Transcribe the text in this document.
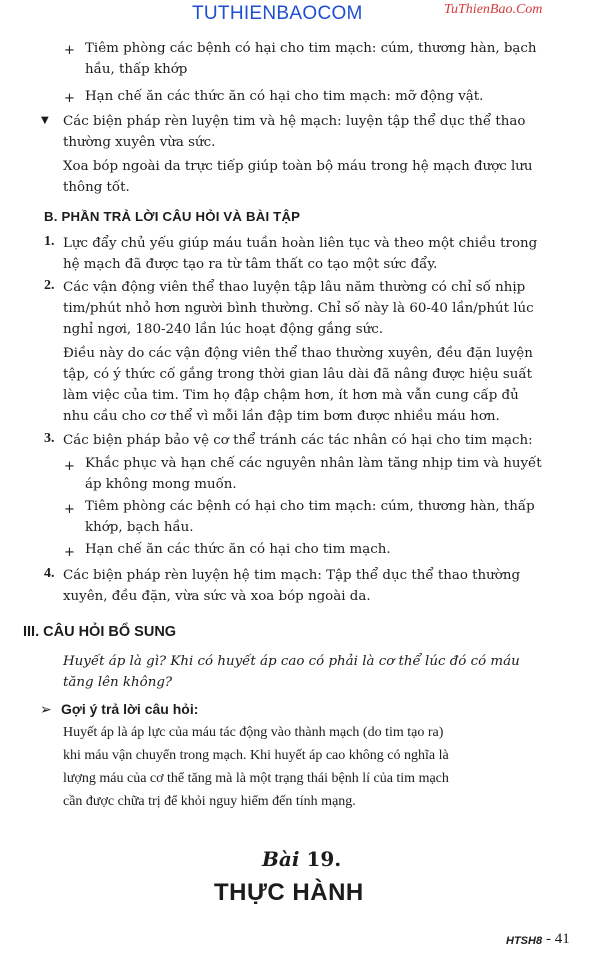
TUTHIENBAOCOM	TuThienBao.Com
+ Tiêm phòng các bệnh có hại cho tim mạch: cúm, thương hàn, bạch
hầu, thấp khớp
+ Hạn chế ăn các thức ăn có hại cho tim mạch: mỡ động vật.
▼ Các biện pháp rèn luyện tim và hệ mạch: luyện tập thể dục thể thao
thường xuyên vừa sức.
Xoa bóp ngoài da trực tiếp giúp toàn bộ máu trong hệ mạch được lưu
thông tốt.
B. PHẦN TRẢ LỜI CÂU HỎI VÀ BÀI TẬP
1. Lực đẩy chủ yếu giúp máu tuần hoàn liên tục và theo một chiều trong
hệ mạch đã được tạo ra từ tâm thất co tạo một sức đẩy.
2. Các vận động viên thể thao luyện tập lâu năm thường có chỉ số nhịp
tim/phút nhỏ hơn người bình thường. Chỉ số này là 60-40 lần/phút lúc
nghỉ ngơi, 180-240 lần lúc hoạt động gắng sức.
Điều này do các vận động viên thể thao thường xuyên, đều đặn luyện
tập, có ý thức cố gắng trong thời gian lâu dài đã nâng được hiệu suất
làm việc của tim. Tim họ đập chậm hơn, ít hơn mà vẫn cung cấp đủ
nhu cầu cho cơ thể vì mỗi lần đập tim bơm được nhiều máu hơn.
3. Các biện pháp bảo vệ cơ thể tránh các tác nhân có hại cho tim mạch:
+ Khắc phục và hạn chế các nguyên nhân làm tăng nhịp tim và huyết
áp không mong muốn.
+ Tiêm phòng các bệnh có hại cho tim mạch: cúm, thương hàn, thấp
khớp, bạch hầu.
+ Hạn chế ăn các thức ăn có hại cho tim mạch.
4. Các biện pháp rèn luyện hệ tim mạch: Tập thể dục thể thao thường
xuyên, đều đặn, vừa sức và xoa bóp ngoài da.
III. CÂU HỎI BỔ SUNG
Huyết áp là gì? Khi có huyết áp cao có phải là cơ thể lúc đó có máu
tăng lên không?
➢ Gợi ý trả lời câu hỏi:
Huyết áp là áp lực của máu tác động vào thành mạch (do tim tạo ra)
khi máu vận chuyển trong mạch. Khi huyết áp cao không có nghĩa là
lượng máu của cơ thể tăng mà là một trạng thái bệnh lí của tim mạch
cần được chữa trị để khỏi nguy hiểm đến tính mạng.
Bài 19.
THỰC HÀNH
HTSH8 - 41
